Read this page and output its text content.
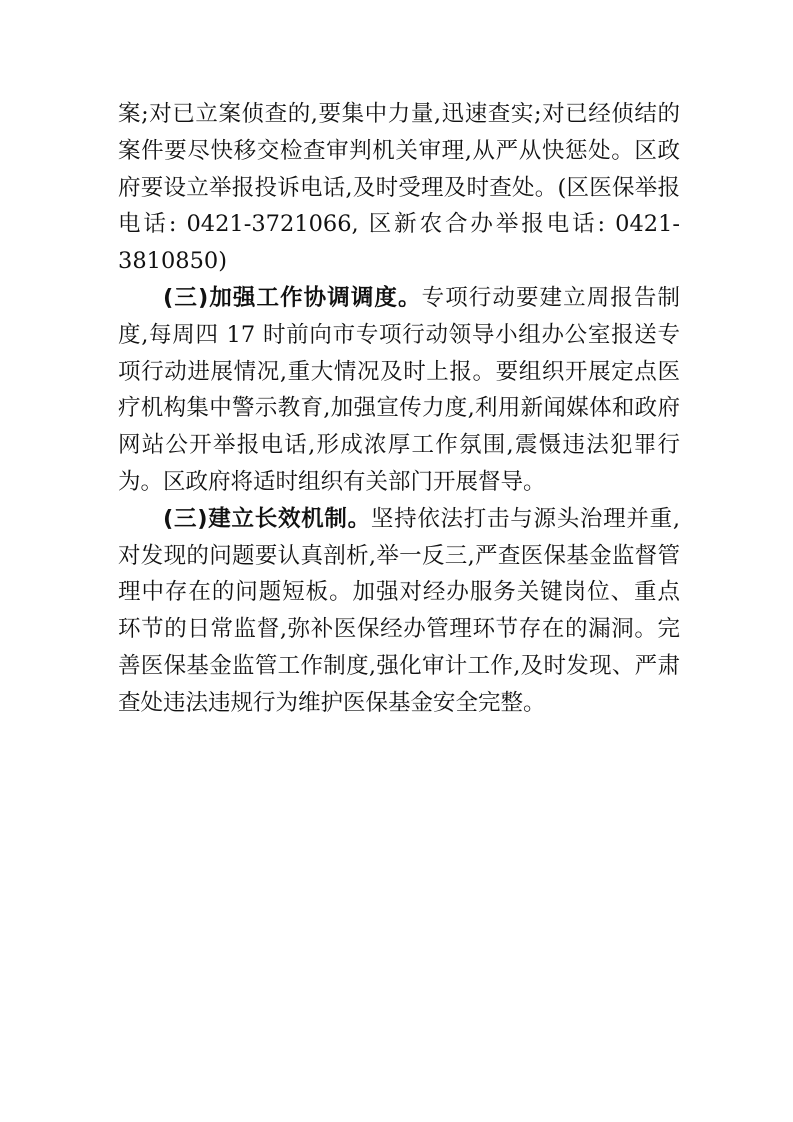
案;对已立案侦查的,要集中力量,迅速查实;对已经侦结的案件要尽快移交检查审判机关审理,从严从快惩处。区政府要设立举报投诉电话,及时受理及时查处。(区医保举报电话: 0421-3721066, 区新农合办举报电话: 0421-3810850)

(三)加强工作协调调度。专项行动要建立周报告制度,每周四 17 时前向市专项行动领导小组办公室报送专项行动进展情况,重大情况及时上报。要组织开展定点医疗机构集中警示教育,加强宣传力度,利用新闻媒体和政府网站公开举报电话,形成浓厚工作氛围,震慑违法犯罪行为。区政府将适时组织有关部门开展督导。

(三)建立长效机制。坚持依法打击与源头治理并重,对发现的问题要认真剖析,举一反三,严查医保基金监督管理中存在的问题短板。加强对经办服务关键岗位、重点环节的日常监督,弥补医保经办管理环节存在的漏洞。完善医保基金监管工作制度,强化审计工作,及时发现、严肃查处违法违规行为维护医保基金安全完整。
